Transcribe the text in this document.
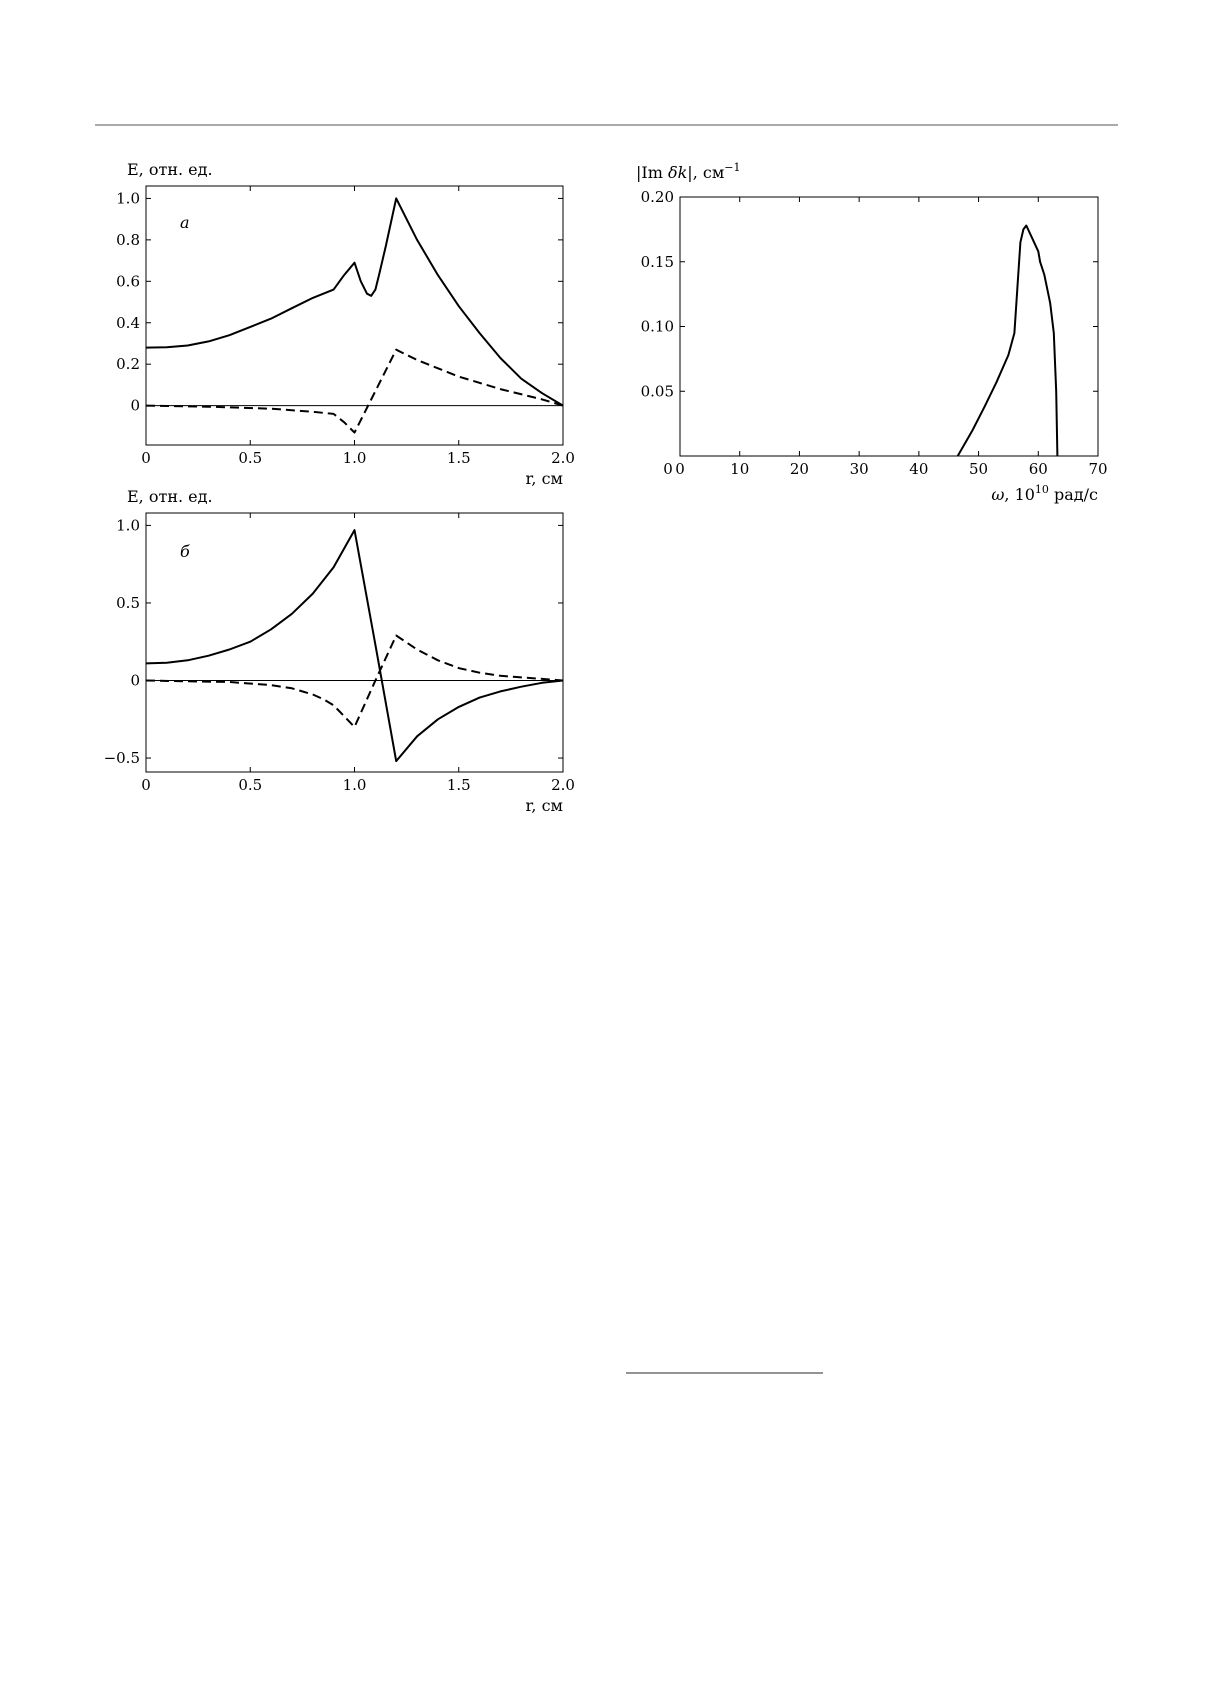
E, отн. ед.
r, см
a
0	0.5	1.0	1.5	2.0
0
0.2
0.4
0.6
0.8
1.0
E, отн. ед.
r, см
б
0	0.5	1.0	1.5	2.0
−0.5
0
0.5
1.0
|Im δk|, $см^{-1}$
ω, $10^{10}$ рад/с
0	10	20	30	40	50	60	70
0
0.05
0.10
0.15
0.20
